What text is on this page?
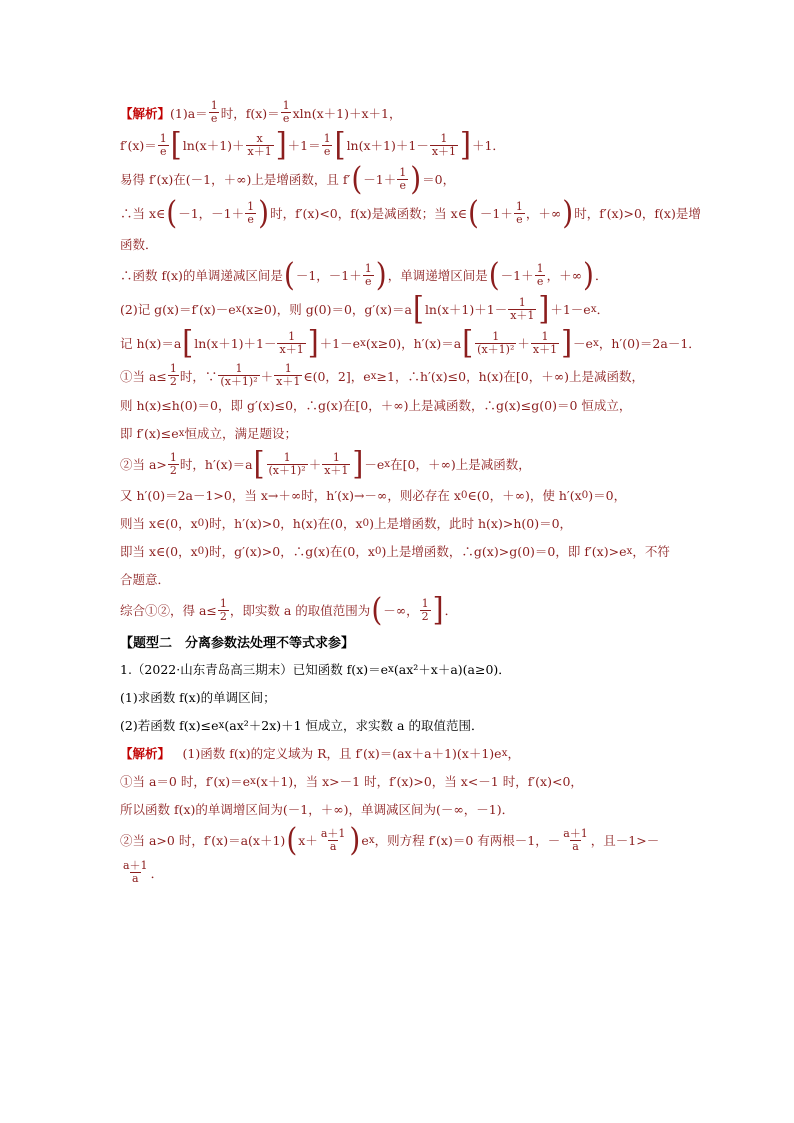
【解析】 $(1)a= \frac{1}{e}$ 时，$f(x)= \frac{1}{e} xln(x+1)+x+1$，
$f'(x)= \frac{1}{e}$ [ $\ln(x+1)+ \frac{x}{x+1}$ ] $+1= \frac{1}{e}$ [ $\ln(x+1)+1- \frac{1}{x+1}$ ] ＋1．
易得 f′(x)在(－1，＋∞)上是增函数，且 f′ ( $-1+ \frac{1}{e}$ ) ＝0，
∴当 x∈ ( －1，$-1+ \frac{1}{e}$ ) 时，f′(x)<0，f(x)是减函数；当 x∈ ( $-1+ \frac{1}{e}$ ，＋∞ ) 时，f′(x)>0，f(x)是增
函数．
∴函数 f(x)的单调递减区间是 ( －1，$-1+ \frac{1}{e}$ ) ，单调递增区间是 ( $-1+ \frac{1}{e}$ ，＋∞ ) ．
(2)记 g(x)＝f′(x)－e x (x≥0)，则 g(0)＝0，g′(x)＝a [ $\ln(x+1)+1- \frac{1}{x+1}$ ] ＋1－e x ．
记 h(x)＝a [ $\ln(x+1)+1- \frac{1}{x+1}$ ] ＋1－e x (x≥0)，h′(x)＝a [ $\frac{1}{\text{(x＋1)²}} + \frac{1}{x+1}$ ] －e x ，h′(0)＝2a－1．
①当 $a\le \frac{1}{2}$ 时，∵ $\frac{1}{\text{(x＋1)²}} + \frac{1}{x+1}$ ∈(0，2]，e x ≥1，∴h′(x)≤0，h(x)在[0，＋∞)上是减函数，
则 h(x)≤h(0)＝0，即 g′(x)≤0，∴g(x)在[0，＋∞)上是减函数，∴g(x)≤g(0)＝0 恒成立，
即 f′(x)≤e x 恒成立，满足题设；
②当 $a> \frac{1}{2}$ 时，h′(x)＝a [ $\frac{1}{\text{(x＋1)²}} + \frac{1}{x+1}$ ] －e x 在[0，＋∞)上是减函数，
又 h′(0)＝2a－1>0，当 x→＋∞时，h′(x)→－∞，则必存在 x 0 ∈(0，＋∞)，使 h′(x 0 )＝0，
则当 x∈(0，x 0 )时，h′(x)>0，h(x)在(0，x 0 )上是增函数，此时 h(x)>h(0)＝0，
即当 x∈(0，x 0 )时，g′(x)>0，∴g(x)在(0，x 0 )上是增函数，∴g(x)>g(0)＝0，即 f′(x)>e x ，不符
合题意．
综合①②，得 $a\le \frac{1}{2}$ ，即实数 a 的取值范围为 ( －∞， $\frac{1}{2}$ ] ．
【题型二　分离参数法处理不等式求参】
1.（2022·山东青岛高三期末）已知函数 f(x)＝e x (ax²＋x＋a)(a≥0)．
(1)求函数 f(x)的单调区间；
(2)若函数 f(x)≤e x (ax²＋2x)＋1 恒成立，求实数 a 的取值范围．
【解析】 　(1)函数 f(x)的定义域为 R，且 f′(x)＝(ax＋a＋1)(x＋1)e x ，
①当 a＝0 时，f′(x)＝e x (x＋1)，当 x>－1 时，f′(x)>0，当 x<－1 时，f′(x)<0，
所以函数 f(x)的单调增区间为(－1，＋∞)，单调减区间为(－∞，－1)．
②当 a>0 时，f′(x)＝a(x＋1) ( $x+ \frac{a+1}{a}$ ) e x ，则方程 f′(x)＝0 有两根－1，－ $\frac{a+1}{a}$ ，且－1>－
$\frac{a+1}{a}$ ．
